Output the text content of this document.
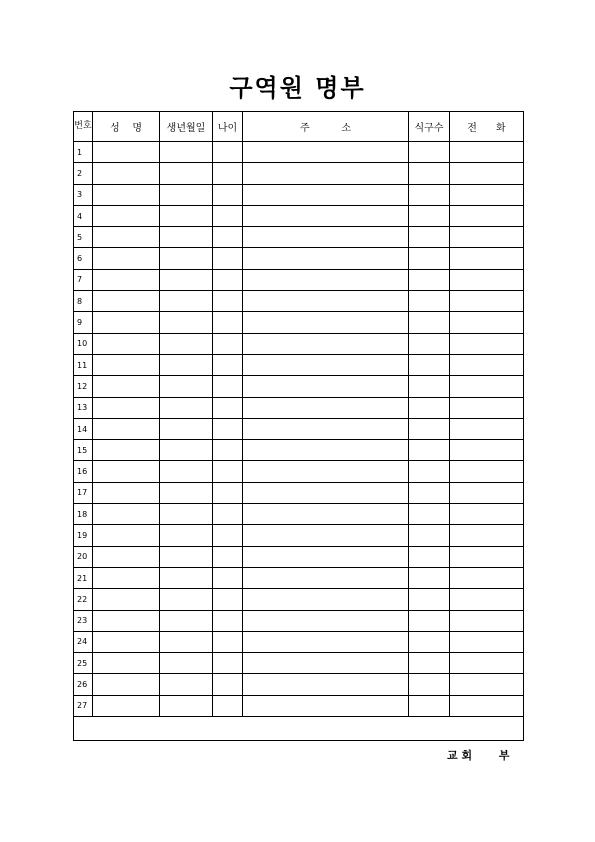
구역원 명부
번호	성    명	생년월일	나이	주          소	식구수	전      화
1						
2						
3						
4						
5						
6						
7						
8						
9						
10						
11						
12						
13						
14						
15						
16						
17						
18						
19						
20						
21						
22						
23						
24						
25						
26						
27						

교 회       부
